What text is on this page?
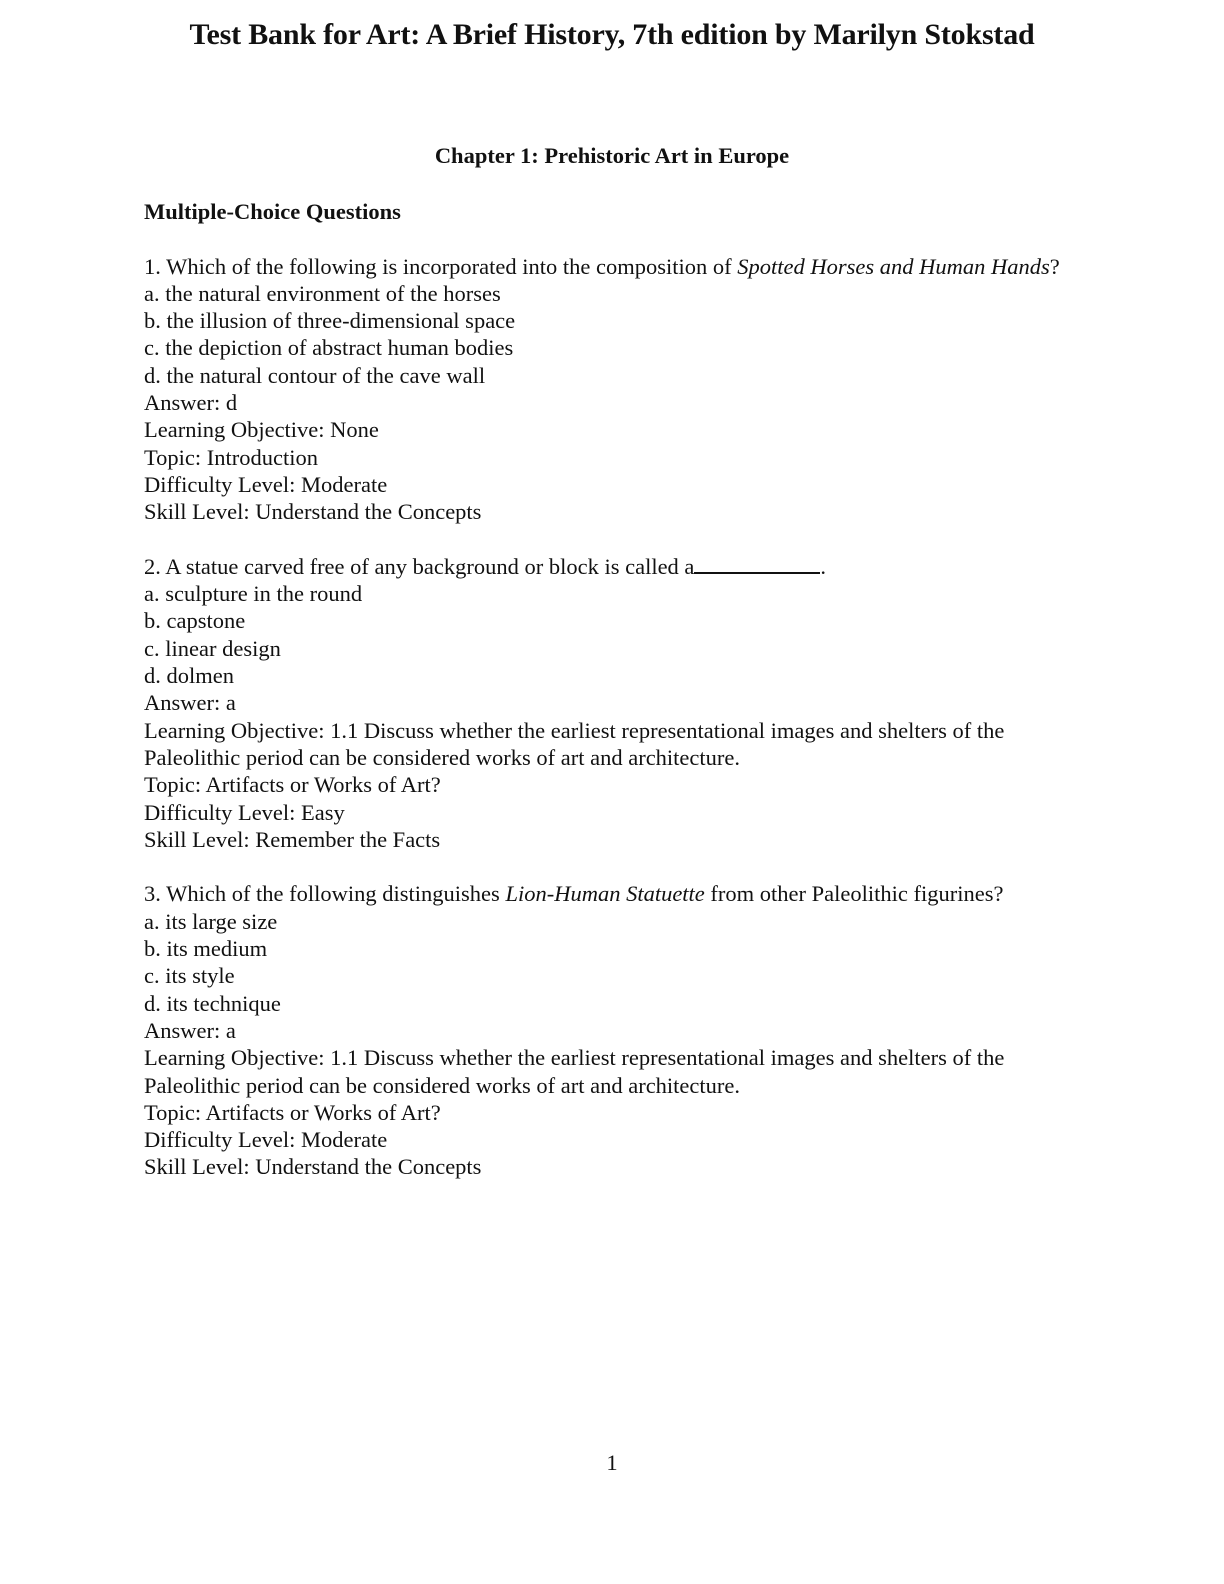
Test Bank for Art: A Brief History, 7th edition by Marilyn Stokstad
Chapter 1: Prehistoric Art in Europe
Multiple-Choice Questions
1. Which of the following is incorporated into the composition of Spotted Horses and Human Hands?
a. the natural environment of the horses
b. the illusion of three-dimensional space
c. the depiction of abstract human bodies
d. the natural contour of the cave wall
Answer: d
Learning Objective: None
Topic: Introduction
Difficulty Level: Moderate
Skill Level: Understand the Concepts
2. A statue carved free of any background or block is called a	.
a. sculpture in the round
b. capstone
c. linear design
d. dolmen
Answer: a
Learning Objective: 1.1 Discuss whether the earliest representational images and shelters of the Paleolithic period can be considered works of art and architecture.
Topic: Artifacts or Works of Art?
Difficulty Level: Easy
Skill Level: Remember the Facts
3. Which of the following distinguishes Lion-Human Statuette from other Paleolithic figurines?
a. its large size
b. its medium
c. its style
d. its technique
Answer: a
Learning Objective: 1.1 Discuss whether the earliest representational images and shelters of the Paleolithic period can be considered works of art and architecture.
Topic: Artifacts or Works of Art?
Difficulty Level: Moderate
Skill Level: Understand the Concepts
1
